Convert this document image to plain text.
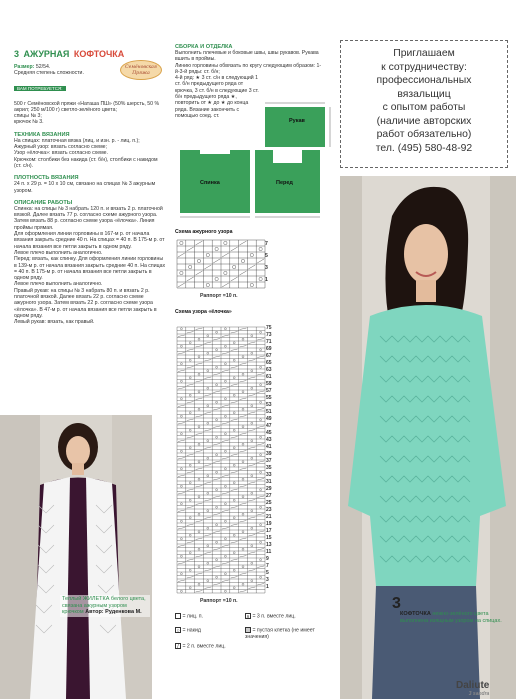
3 АЖУРНАЯ КОФТОЧКА
Размер: 52/54.
Средняя степень сложности.
ВАМ ПОТРЕБУЕТСЯ:
500 г Семёновской пряжи «Наташа ПШ» (50% шерсть, 50 % акрил; 250 м/100 г) светло-зелёного цвета;
спицы № 3;
крючок № 3.
ТЕХНИКА ВЯЗАНИЯ
На спицах: платочная вязка (лиц. и изн. р. - лиц. п.);
Ажурный узор: вязать согласно схеме;
Узор «ёлочка»: вязать согласно схеме.
Крючком: столбики без накида (ст. б/н), столбики с накидом (ст. с/н).
ПЛОТНОСТЬ ВЯЗАНИЯ
24 п. х 29 р. = 10 х 10 см, связано на спицах № 3 ажурным узором.
ОПИСАНИЕ РАБОТЫ
Спинка: на спицы № 3 набрать 120 п. и вязать 2 р. платочной вязкой. Далее вязать 77 р. согласно схеме ажурного узора. Затем вязать 88 р. согласно схеме узора «ёлочка». Линия проймы прямая.
Для оформления линии горловины в 167-м р. от начала вязания закрыть средние 40 п. На спицах = 40 п. В 175-м р. от начала вязания все петли закрыть в одном ряду.
Левое плечо выполнить аналогично.
Перед: вязать, как спинку. Для оформления линии горловины в 139-м р. от начала вязания закрыть средние 40 п. На спицах = 40 п. В 175-м р. от начала вязания все петли закрыть в одном ряду.
Левое плечо выполнить аналогично.
Правый рукав: на спицы № 3 набрать 80 п. и вязать 2 р. платочной вязкой. Далее вязать 22 р. согласно схеме ажурного узора. Затем вязать 22 р. согласно схеме узора «ёлочка». В 47-м р. от начала вязания все петли закрыть в одном ряду.
Левый рукав: вязать, как правый.
Семёновская Пряжа
Теплый ЖИЛЕТКА белого цвета, связана ажурным узором крючком Автор: Руденкова М.
СБОРКА И ОТДЕЛКА
Выполнить плечевые и боковые швы, швы рукавов. Рукава вшить в проймы.
Линию горловины обвязать по кругу следующим образом: 1-й-3-й ряды: ст. б/н;
4-й ряд: ★ 3 ст. с/н в следующий 1 ст. б/н предыдущего ряда от крючка, 3 ст. б/н в следующие 3 ст. б/н предыдущего ряда ★, повторить от ★ до ★ до конца ряда. Вязание закончить с помощью соед. ст.
Рукав
Спинка	Перед
Схема ажурного узора
7
5
3
1
Раппорт =10 п.
Схема узора «ёлочка»
75
73
71
69
67
65
63
61
59
57
55
53
51
49
47
45
43
41
39
37
35
33
31
29
27
25
23
21
19
17
15
13
11
9
7
5
3
1
Раппорт =10 п.
= лиц. п.	∧ = 3 п. вместе лиц.
○ = накид	= пустая клетка (не имеет значения)
/ = 2 п. вместе лиц.
Приглашаем
к сотрудничеству:
профессиональных
вязальщиц
с опытом работы
(наличие авторских
работ обязательно)
тел. (495) 580-48-92
3
КОФТОЧКА нежно-зелёного цвета выполнена изящным узором на спицах.
Daliute
3 sandra
